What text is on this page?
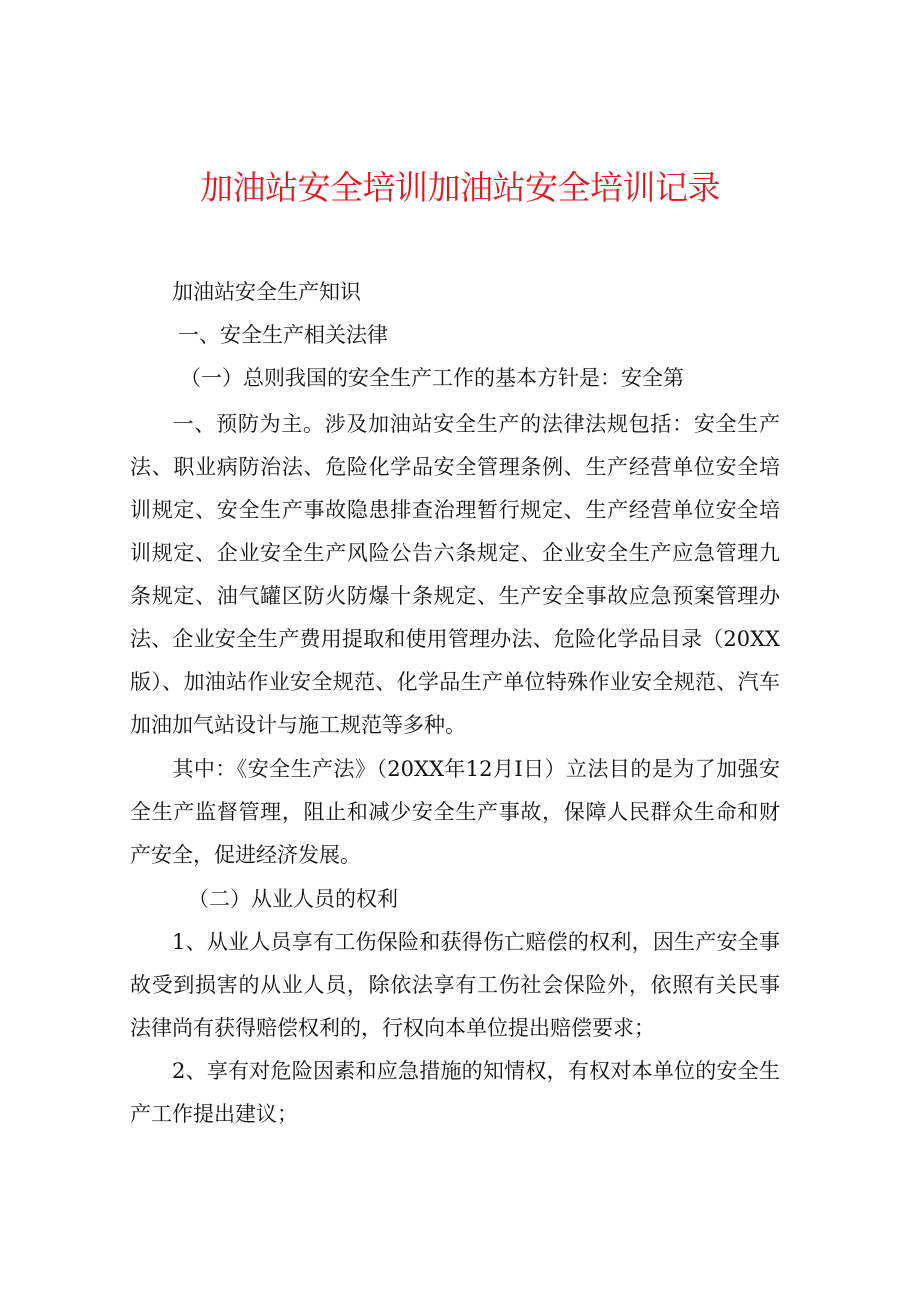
加油站安全培训加油站安全培训记录
加油站安全生产知识
一、安全生产相关法律
（一）总则我国的安全生产工作的基本方针是：安全第
一、预防为主。涉及加油站安全生产的法律法规包括：安全生产法、职业病防治法、危险化学品安全管理条例、生产经营单位安全培训规定、安全生产事故隐患排查治理暂行规定、生产经营单位安全培训规定、企业安全生产风险公告六条规定、企业安全生产应急管理九条规定、油气罐区防火防爆十条规定、生产安全事故应急预案管理办法、企业安全生产费用提取和使用管理办法、危险化学品目录（20XX版）、加油站作业安全规范、化学品生产单位特殊作业安全规范、汽车加油加气站设计与施工规范等多种。
其中：《安全生产法》（20XX年12月I日）立法目的是为了加强安全生产监督管理，阻止和减少安全生产事故，保障人民群众生命和财产安全，促进经济发展。
（二）从业人员的权利
1、从业人员享有工伤保险和获得伤亡赔偿的权利，因生产安全事故受到损害的从业人员，除依法享有工伤社会保险外，依照有关民事法律尚有获得赔偿权利的，行权向本单位提出赔偿要求；
2、享有对危险因素和应急措施的知情权，有权对本单位的安全生产工作提出建议；
